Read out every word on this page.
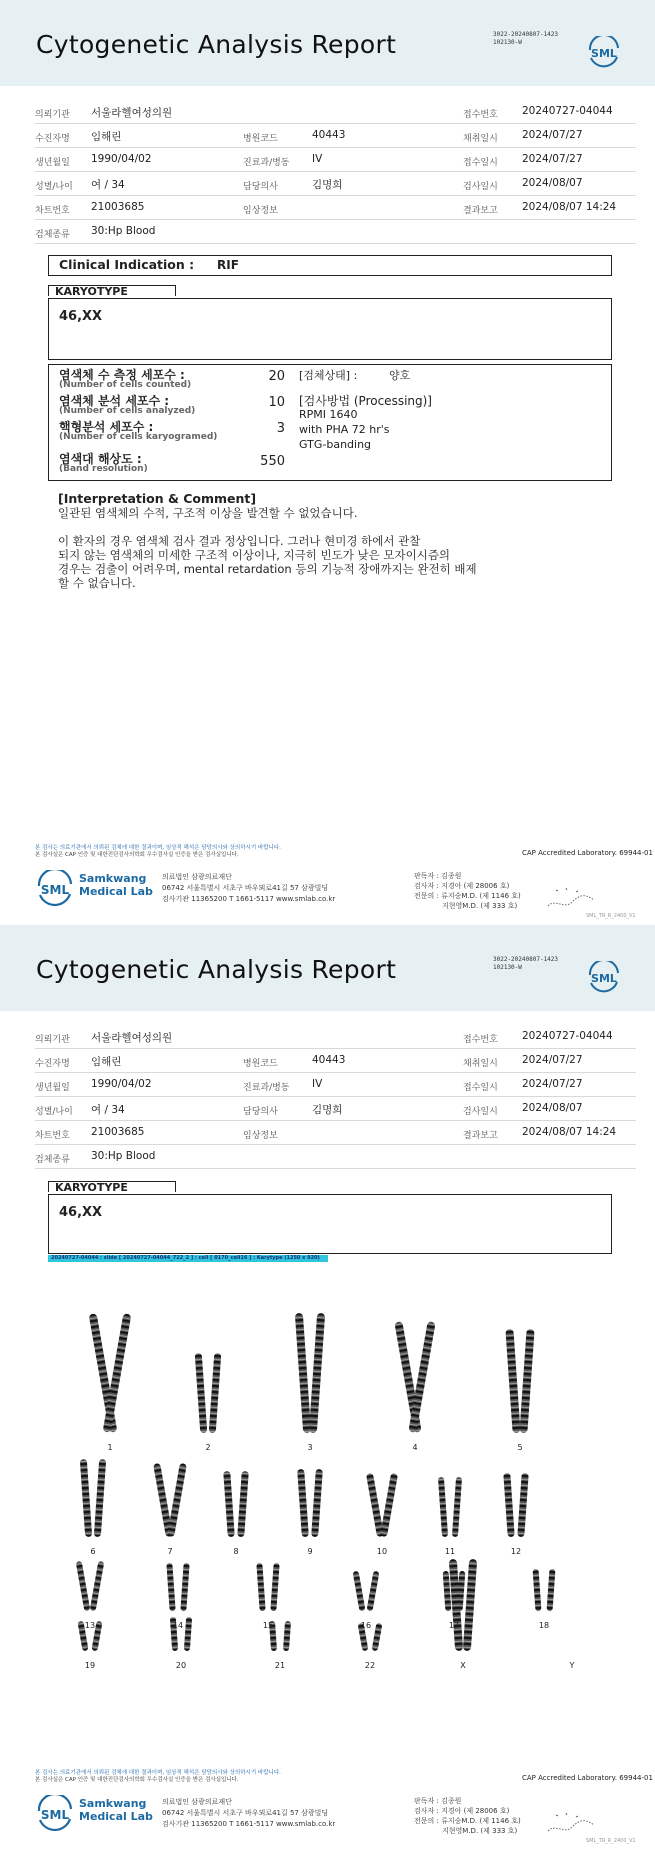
Cytogenetic Analysis Report	3022-20240807-1423
102130-W
SML
의뢰기관 서울라헬여성의원	접수번호 20240727-04044
수진자명 임해린	병원코드	40443	채취일시 2024/07/27
생년월일 1990/04/02	진료과/병동 IV	접수일시 2024/07/27
성별/나이 여 / 34	담당의사	김명희	검사일시 2024/08/07
차트번호 21003685	임상정보	결과보고 2024/08/07 14:24
검체종류 30:Hp Blood
Clinical Indication : RIF
KARYOTYPE
46,XX
염색체 수 측정 세포수 :
(Number of cells counted)
20
염색체 분석 세포수 :
(Number of cells analyzed)
10
핵형분석 세포수 :
(Number of cells karyogramed)
3
염색대 해상도 :
(Band resolution)	550
[검체상태] :	양호
[검사방법 (Processing)]
RPMI 1640
with PHA 72 hr's
GTG-banding
[Interpretation & Comment]
일관된 염색체의 수적, 구조적 이상을 발견할 수 없었습니다.
이 환자의 경우 염색체 검사 결과 정상입니다. 그러나 현미경 하에서 관찰
되지 않는 염색체의 미세한 구조적 이상이나, 지극히 빈도가 낮은 모자이시즘의
경우는 검출이 어려우며, mental retardation 등의 기능적 장애까지는 완전히 배제
할 수 없습니다.
본 검사는 의료기관에서 의뢰된 검체에 대한 결과이며, 임상적 해석은 담당의사와 상의하시기 바랍니다.
본 검사실은 CAP 인증 및 대한진단검사의학회 우수검사실 인증을 받은 검사실입니다.	CAP Accredited Laboratory. 69944-01
SML
Samkwang
Medical Lab
의료법인 삼광의료재단
06742 서울특별시 서초구 바우뫼로41길 57 삼광빌딩
검사기관 11365200 T 1661-5117 www.smlab.co.kr
판독자 : 김종원
검사자 : 지경아 (제 28006 호)
전문의 : 류지숭M.D. (제 1146 호)
지현영M.D. (제 333 호)
SML_TR_R_2400_V1
Cytogenetic Analysis Report	3022-20240807-1423
102130-W
SML
의뢰기관 서울라헬여성의원	접수번호 20240727-04044
수진자명 임해린	병원코드	40443	채취일시 2024/07/27
생년월일 1990/04/02	진료과/병동 IV	접수일시 2024/07/27
성별/나이 여 / 34	담당의사	김명희	검사일시 2024/08/07
차트번호 21003685	임상정보	결과보고 2024/08/07 14:24
검체종류 30:Hp Blood
KARYOTYPE
46,XX
20240727-04044 : slide [ 20240727-04044_722_2 ] : cell [ 0170_cell16 ] : Karytype (1250 x 920)
1	2	3	4	5
6	7	8	9	10	11	12
13	14	15	16	17	18
19	20	21	22	X	Y
본 검사는 의료기관에서 의뢰된 검체에 대한 결과이며, 임상적 해석은 담당의사와 상의하시기 바랍니다.
본 검사실은 CAP 인증 및 대한진단검사의학회 우수검사실 인증을 받은 검사실입니다.	CAP Accredited Laboratory. 69944-01
SML
Samkwang
Medical Lab
의료법인 삼광의료재단
06742 서울특별시 서초구 바우뫼로41길 57 삼광빌딩
검사기관 11365200 T 1661-5117 www.smlab.co.kr
판독자 : 김종원
검사자 : 지경아 (제 28006 호)
전문의 : 류지숭M.D. (제 1146 호)
지현영M.D. (제 333 호)
SML_TR_R_2400_V1
